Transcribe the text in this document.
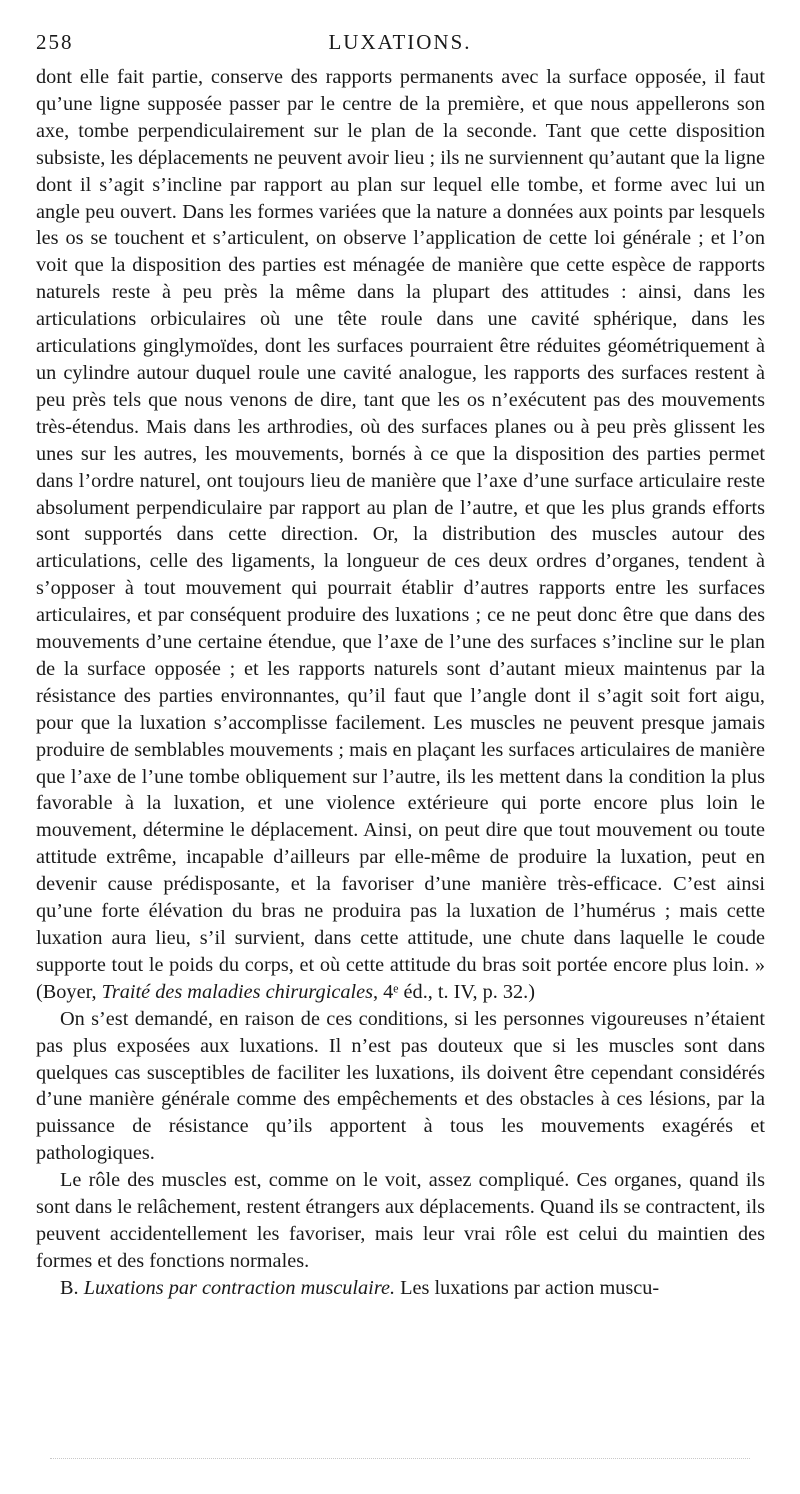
258	LUXATIONS.

dont elle fait partie, conserve des rapports permanents avec la surface opposée, il faut qu’une ligne supposée passer par le centre de la première, et que nous appellerons son axe, tombe perpendiculairement sur le plan de la seconde. Tant que cette disposition subsiste, les déplacements ne peuvent avoir lieu ; ils ne surviennent qu’autant que la ligne dont il s’agit s’incline par rapport au plan sur lequel elle tombe, et forme avec lui un angle peu ouvert. Dans les formes variées que la nature a données aux points par lesquels les os se touchent et s’articulent, on observe l’application de cette loi générale ; et l’on voit que la disposition des parties est ménagée de manière que cette espèce de rapports naturels reste à peu près la même dans la plupart des attitudes : ainsi, dans les articulations orbiculaires où une tête roule dans une cavité sphérique, dans les articulations ginglymoïdes, dont les surfaces pourraient être réduites géométriquement à un cylindre autour duquel roule une cavité analogue, les rapports des surfaces restent à peu près tels que nous venons de dire, tant que les os n’exécutent pas des mouvements très-étendus. Mais dans les arthrodies, où des surfaces planes ou à peu près glissent les unes sur les autres, les mouvements, bornés à ce que la disposition des parties permet dans l’ordre naturel, ont toujours lieu de manière que l’axe d’une surface articulaire reste absolument perpendiculaire par rapport au plan de l’autre, et que les plus grands efforts sont supportés dans cette direction. Or, la distribution des muscles autour des articulations, celle des ligaments, la longueur de ces deux ordres d’organes, tendent à s’opposer à tout mouvement qui pourrait établir d’autres rapports entre les surfaces articulaires, et par conséquent produire des luxations ; ce ne peut donc être que dans des mouvements d’une certaine étendue, que l’axe de l’une des surfaces s’incline sur le plan de la surface opposée ; et les rapports naturels sont d’autant mieux maintenus par la résistance des parties environnantes, qu’il faut que l’angle dont il s’agit soit fort aigu, pour que la luxation s’accomplisse facilement. Les muscles ne peuvent presque jamais produire de semblables mouvements ; mais en plaçant les surfaces articulaires de manière que l’axe de l’une tombe obliquement sur l’autre, ils les mettent dans la condition la plus favorable à la luxation, et une violence extérieure qui porte encore plus loin le mouvement, détermine le déplacement. Ainsi, on peut dire que tout mouvement ou toute attitude extrême, incapable d’ailleurs par elle-même de produire la luxation, peut en devenir cause prédisposante, et la favoriser d’une manière très-efficace. C’est ainsi qu’une forte élévation du bras ne produira pas la luxation de l’humérus ; mais cette luxation aura lieu, s’il survient, dans cette attitude, une chute dans laquelle le coude supporte tout le poids du corps, et où cette attitude du bras soit portée encore plus loin. » (Boyer, Traité des maladies chirurgicales, 4ᵉ éd., t. IV, p. 32.)

On s’est demandé, en raison de ces conditions, si les personnes vigoureuses n’étaient pas plus exposées aux luxations. Il n’est pas douteux que si les muscles sont dans quelques cas susceptibles de faciliter les luxations, ils doivent être cependant considérés d’une manière générale comme des empêchements et des obstacles à ces lésions, par la puissance de résistance qu’ils apportent à tous les mouvements exagérés et pathologiques.

Le rôle des muscles est, comme on le voit, assez compliqué. Ces organes, quand ils sont dans le relâchement, restent étrangers aux déplacements. Quand ils se contractent, ils peuvent accidentellement les favoriser, mais leur vrai rôle est celui du maintien des formes et des fonctions normales.

B. Luxations par contraction musculaire. Les luxations par action muscu-
